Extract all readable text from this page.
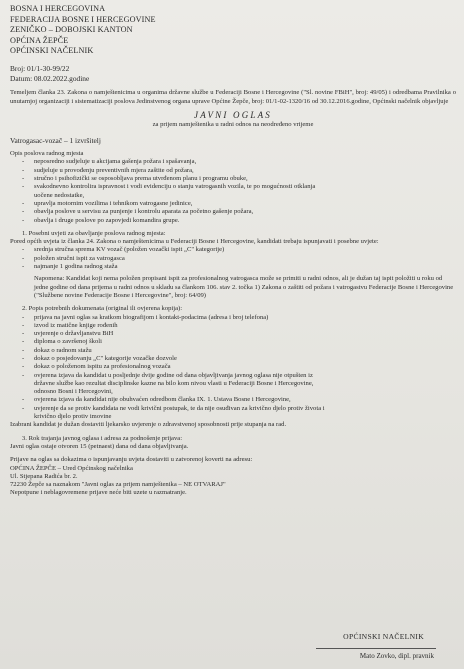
BOSNA I HERCEGOVINA
FEDERACIJA BOSNE I HERCEGOVINE
ZENIČKO – DOBOJSKI KANTON
OPĆINA ŽEPČE
OPĆINSKI NAČELNIK
Broj: 01/1-30-99/22
Datum: 08.02.2022.godine
Temeljem članka 23. Zakona o namještenicima u organima državne službe u Federaciji Bosne i Hercegovine ("Sl. novine FBiH", broj: 49/05) i odredbama Pravilnika o unutarnjoj organizaciji i sistematizaciji poslova Jedinstvenog organa uprave Općine Žepče, broj: 01/1-02-1320/16 od 30.12.2016.godine, Općinski načelnik objavljuje
JAVNI OGLAS
za prijem namještenika u radni odnos na neodređeno vrijeme
Vatrogasac-vozač – 1 izvršitelj
Opis poslova radnog mjesta
- neposredno sudjeluje u akcijama gašenja požara i spašavanja,
- sudjeluje u provođenju preventivnih mjera zaštite od požara,
- stručno i psihofizički se osposobljava prema utvrđenom planu i programu obuke,
- svakodnevno kontrolira ispravnost i vodi evidenciju o stanju vatrogasnih vozila, te po mogućnosti otklanja
uočene nedostatke,
- upravlja motornim vozilima i tehnikom vatrogasne jedinice,
- obavlja poslove u servisu za punjenje i kontrolu aparata za početno gašenje požara,
- obavlja i druge poslove po zapovjedi komandira grupe.
1. Posebni uvjeti za obavljanje poslova radnog mjesta:
Pored općih uvjeta iz članka 24. Zakona o namještenicima u Federaciji Bosne i Hercegovine, kandidati trebaju ispunjavati i posebne uvjete:
- srednja stručna sprema KV vozač (položen vozački ispit „C" kategorije)
- položen stručni ispit za vatrogasca
- najmanje 1 godina radnog staža
Napomena: Kandidat koji nema položen propisani ispit za profesionalnog vatrogasca može se primiti u radni odnos, ali je dužan taj ispit položiti u roku od jedne godine od dana prijema u radni odnos u skladu sa člankom 106. stav 2. točka 1) Zakona o zaštiti od požara i vatrogastvu Federacije Bosne i Hercegovine ("Službene novine Federacije Bosne i Hercegovine", broj: 64/09)
2. Popis potrebnih dokumenata (original ili ovjerena kopija):
- prijava na javni oglas sa kratkom biografijom i kontakt-podacima (adresa i broj telefona)
- izvod iz matične knjige rođenih
- uvjerenje o državljanstvu BiH
- diploma o završenoj školi
- dokaz o radnom stažu
- dokaz o posjedovanju „C" kategorije vozačke dozvole
- dokaz o položenom ispitu za profesionalnog vozača
- ovjerena izjava da kandidat u posljednje dvije godine od dana objavljivanja javnog oglasa nije otpušten iz
državne službe kao rezultat disciplinske kazne na bilo kom nivou vlasti u Federaciji Bosne i Hercegovine,
odnosno Bosni i Hercegovini,
- ovjerena izjava da kandidat nije obuhvaćen odredbom članka IX. 1. Ustava Bosne i Hercegovine,
- uvjerenje da se protiv kandidata ne vodi krivični postupak, te da nije osuđivan za krivično djelo protiv života i
krivično djelo protiv imovine
Izabrani kandidat je dužan dostaviti ljekarsko uvjerenje o zdravstvenoj sposobnosti prije stupanja na rad.
3. Rok trajanja javnog oglasa i adresa za podnošenje prijava:
Javni oglas ostaje otvoren 15 (petnaest) dana od dana objavljivanja.
Prijave na oglas sa dokazima o ispunjavanju uvjeta dostaviti u zatvorenoj koverti na adresu:
OPĆINA ŽEPČE – Ured Općinskog načelnika
Ul. Stjepana Radića br. 2.
72230 Žepče sa naznakom "Javni oglas za prijem namještenika – NE OTVARAJ"
Nepotpune i neblagovremene prijave neće biti uzete u razmatranje.
OPĆINSKI NAČELNIK
Mato Zovko, dipl. pravnik
